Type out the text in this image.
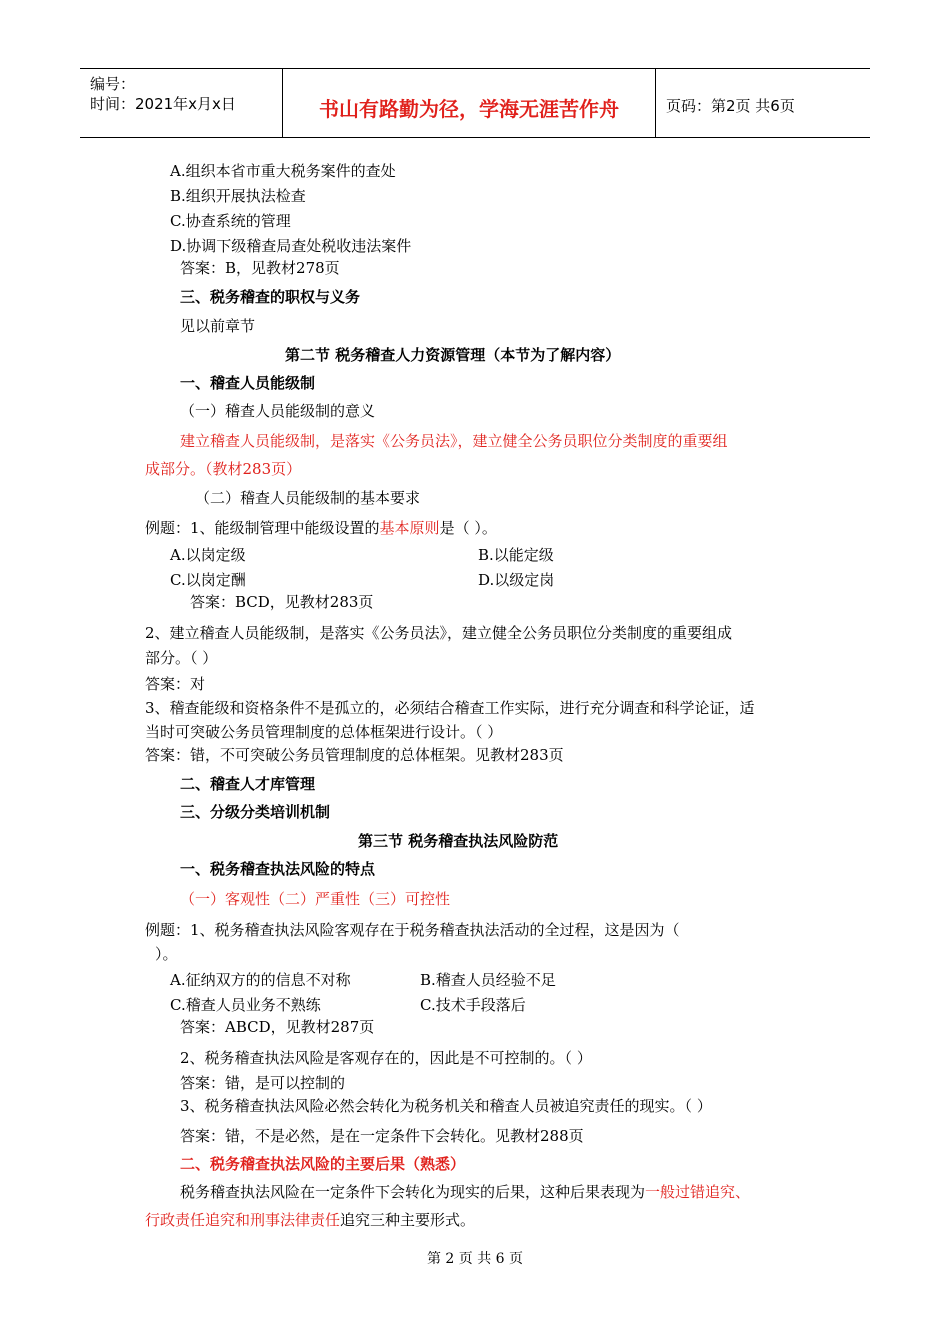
编号：
时间：2021年x月x日	书山有路勤为径，学海无涯苦作舟	页码：第2页 共6页
A.组织本省市重大税务案件的查处
B.组织开展执法检查
C.协查系统的管理
D.协调下级稽查局查处税收违法案件
答案：B，见教材278页
三、税务稽查的职权与义务
见以前章节
第二节 税务稽查人力资源管理（本节为了解内容）
一、稽查人员能级制
（一）稽查人员能级制的意义
建立稽查人员能级制，是落实《公务员法》，建立健全公务员职位分类制度的重要组
成部分。（教材283页）
（二）稽查人员能级制的基本要求
例题：1、能级制管理中能级设置的基本原则是（ ）。
A.以岗定级	B.以能定级
C.以岗定酬	D.以级定岗
答案：BCD，见教材283页
2、建立稽查人员能级制，是落实《公务员法》，建立健全公务员职位分类制度的重要组成
部分。（ ）
答案：对
3、稽查能级和资格条件不是孤立的，必须结合稽查工作实际，进行充分调查和科学论证，适
当时可突破公务员管理制度的总体框架进行设计。（ ）
答案：错，不可突破公务员管理制度的总体框架。见教材283页
二、稽查人才库管理
三、分级分类培训机制
第三节 税务稽查执法风险防范
一、税务稽查执法风险的特点
（一）客观性（二）严重性（三）可控性
例题：1、税务稽查执法风险客观存在于税务稽查执法活动的全过程，这是因为（
）。
A.征纳双方的的信息不对称	B.稽查人员经验不足
C.稽查人员业务不熟练	C.技术手段落后
答案：ABCD，见教材287页
2、税务稽查执法风险是客观存在的，因此是不可控制的。（ ）
答案：错，是可以控制的
3、税务稽查执法风险必然会转化为税务机关和稽查人员被追究责任的现实。（ ）
答案：错，不是必然，是在一定条件下会转化。见教材288页
二、税务稽查执法风险的主要后果（熟悉）
税务稽查执法风险在一定条件下会转化为现实的后果，这种后果表现为一般过错追究、
行政责任追究和刑事法律责任追究三种主要形式。
第 2 页 共 6 页
